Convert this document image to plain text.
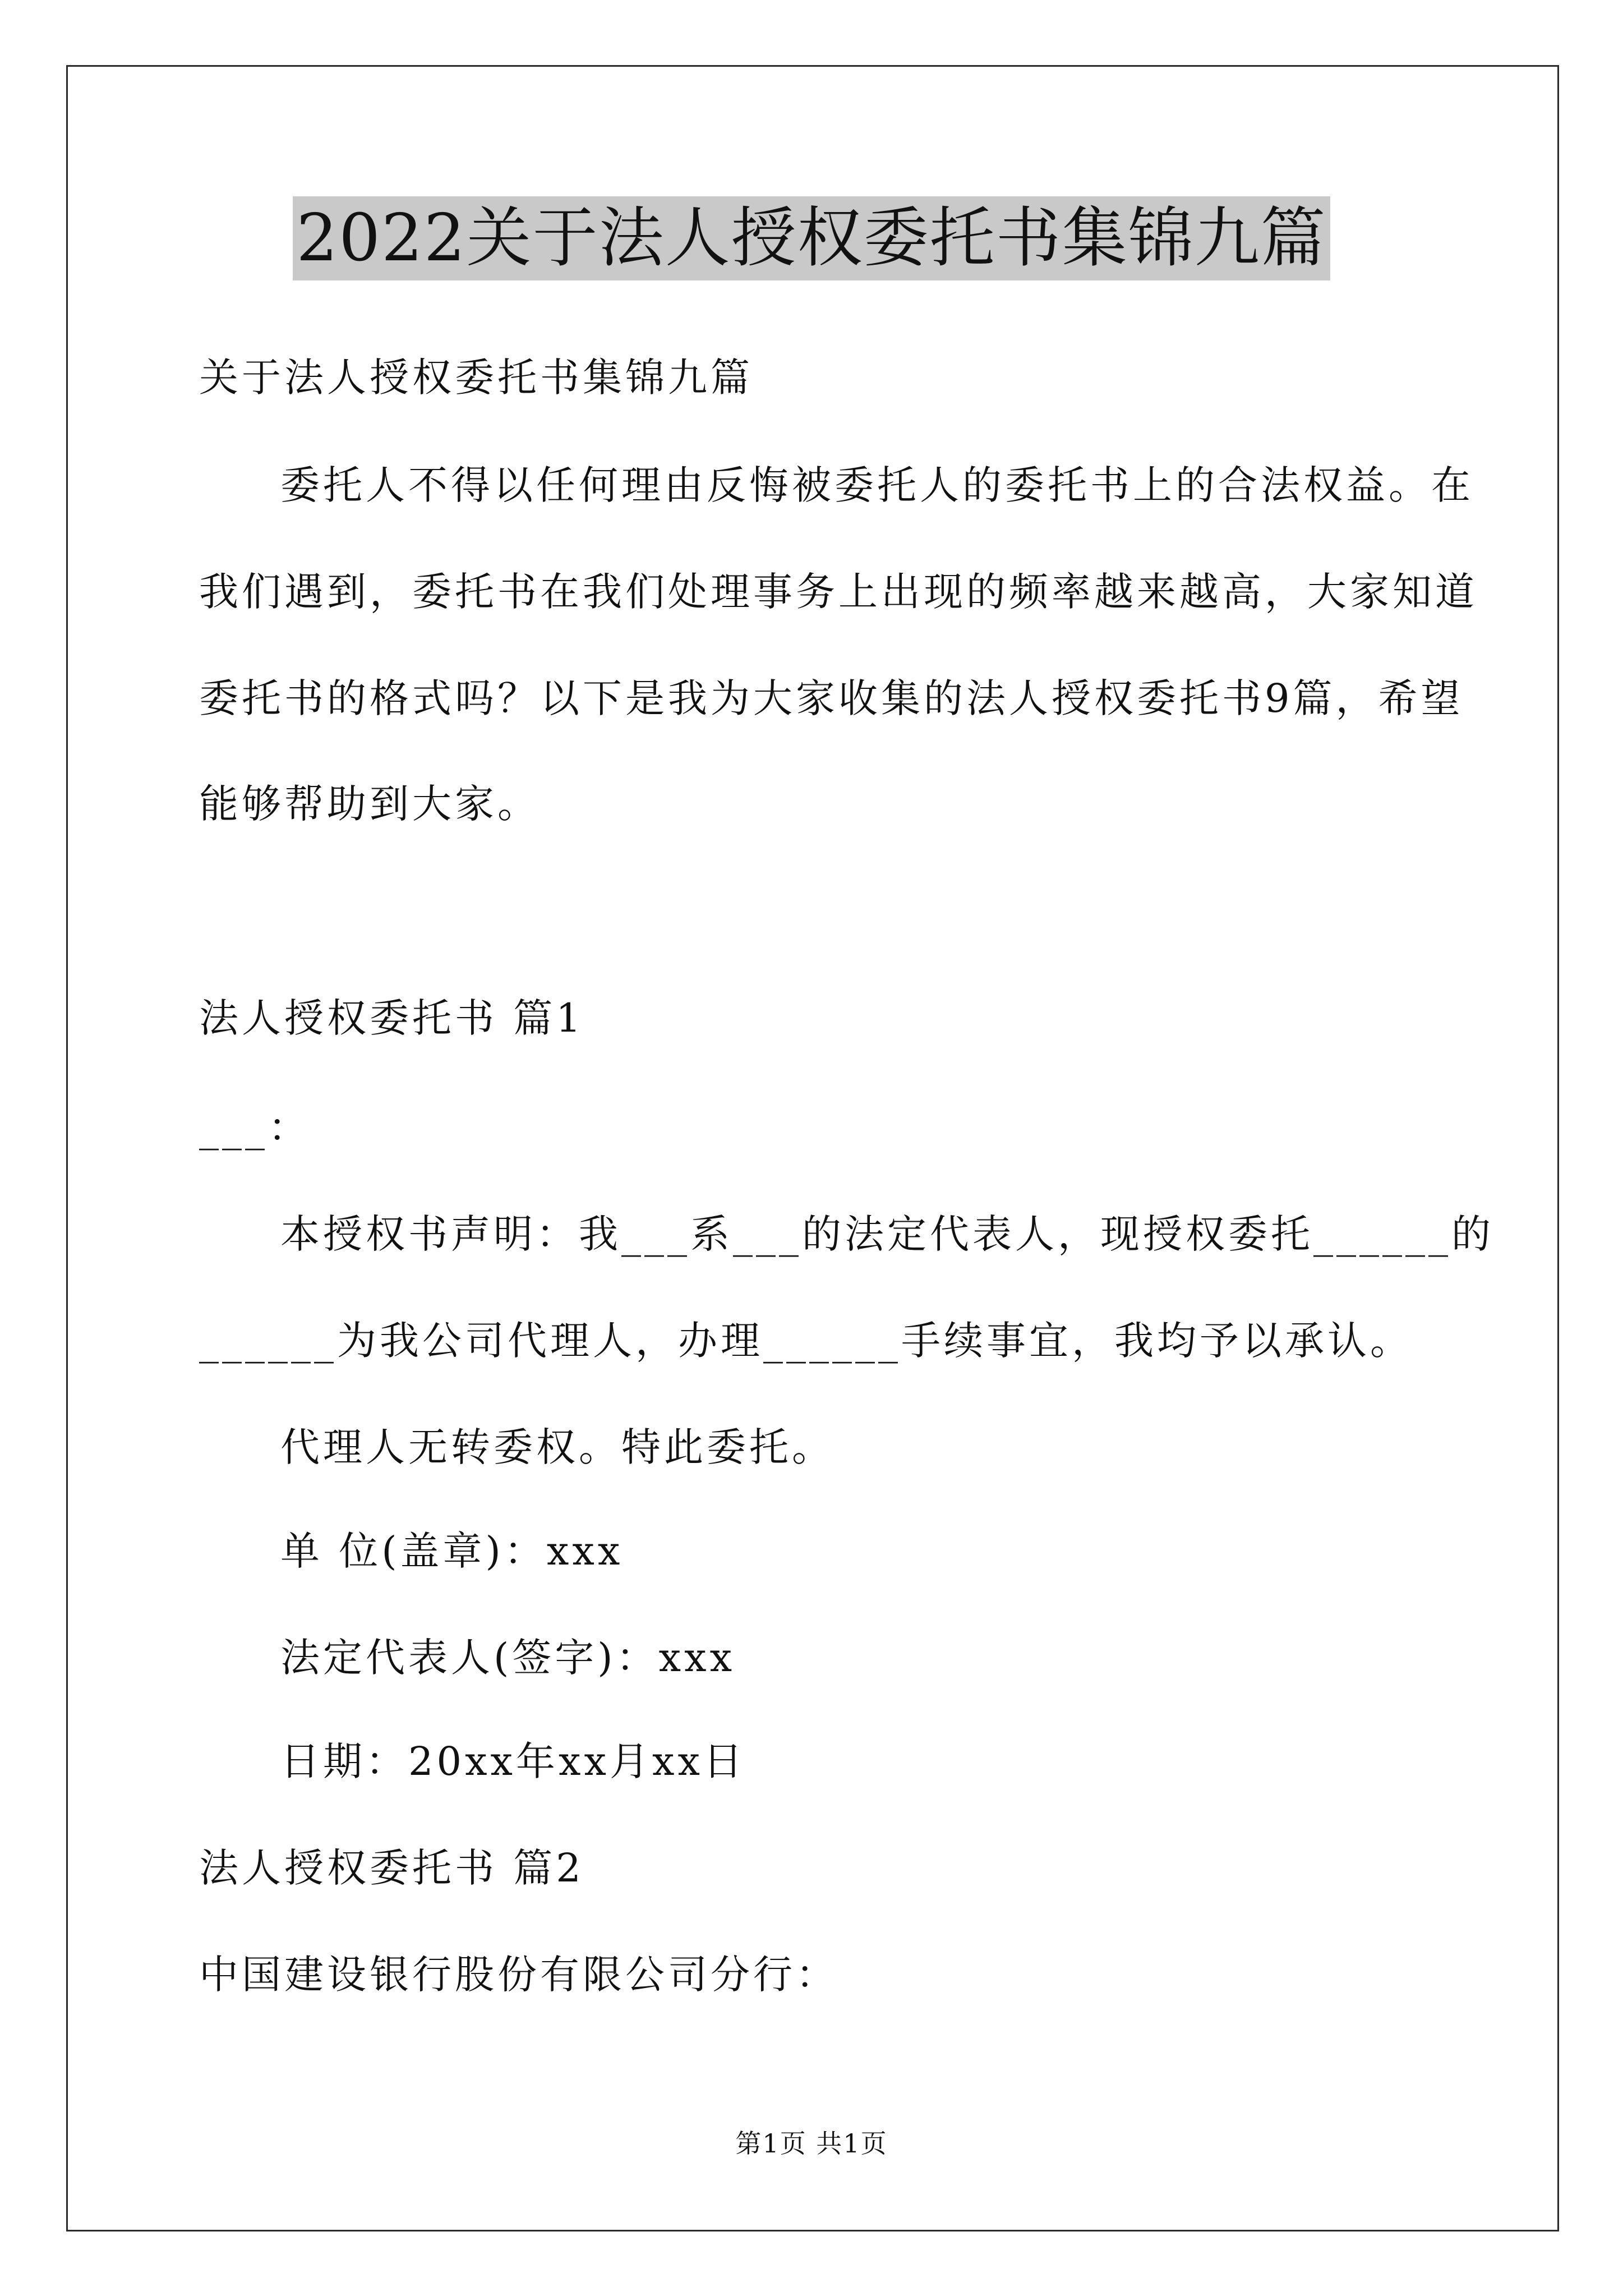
2022关于法人授权委托书集锦九篇
关于法人授权委托书集锦九篇
委托人不得以任何理由反悔被委托人的委托书上的合法权益。在
我们遇到，委托书在我们处理事务上出现的频率越来越高，大家知道
委托书的格式吗？以下是我为大家收集的法人授权委托书9篇，希望
能够帮助到大家。
法人授权委托书 篇1
___：
本授权书声明：我___系___的法定代表人，现授权委托______的
______为我公司代理人，办理______手续事宜，我均予以承认。
代理人无转委权。特此委托。
单 位(盖章)：xxx
法定代表人(签字)：xxx
日期：20xx年xx月xx日
法人授权委托书 篇2
中国建设银行股份有限公司分行：
第1页 共1页
